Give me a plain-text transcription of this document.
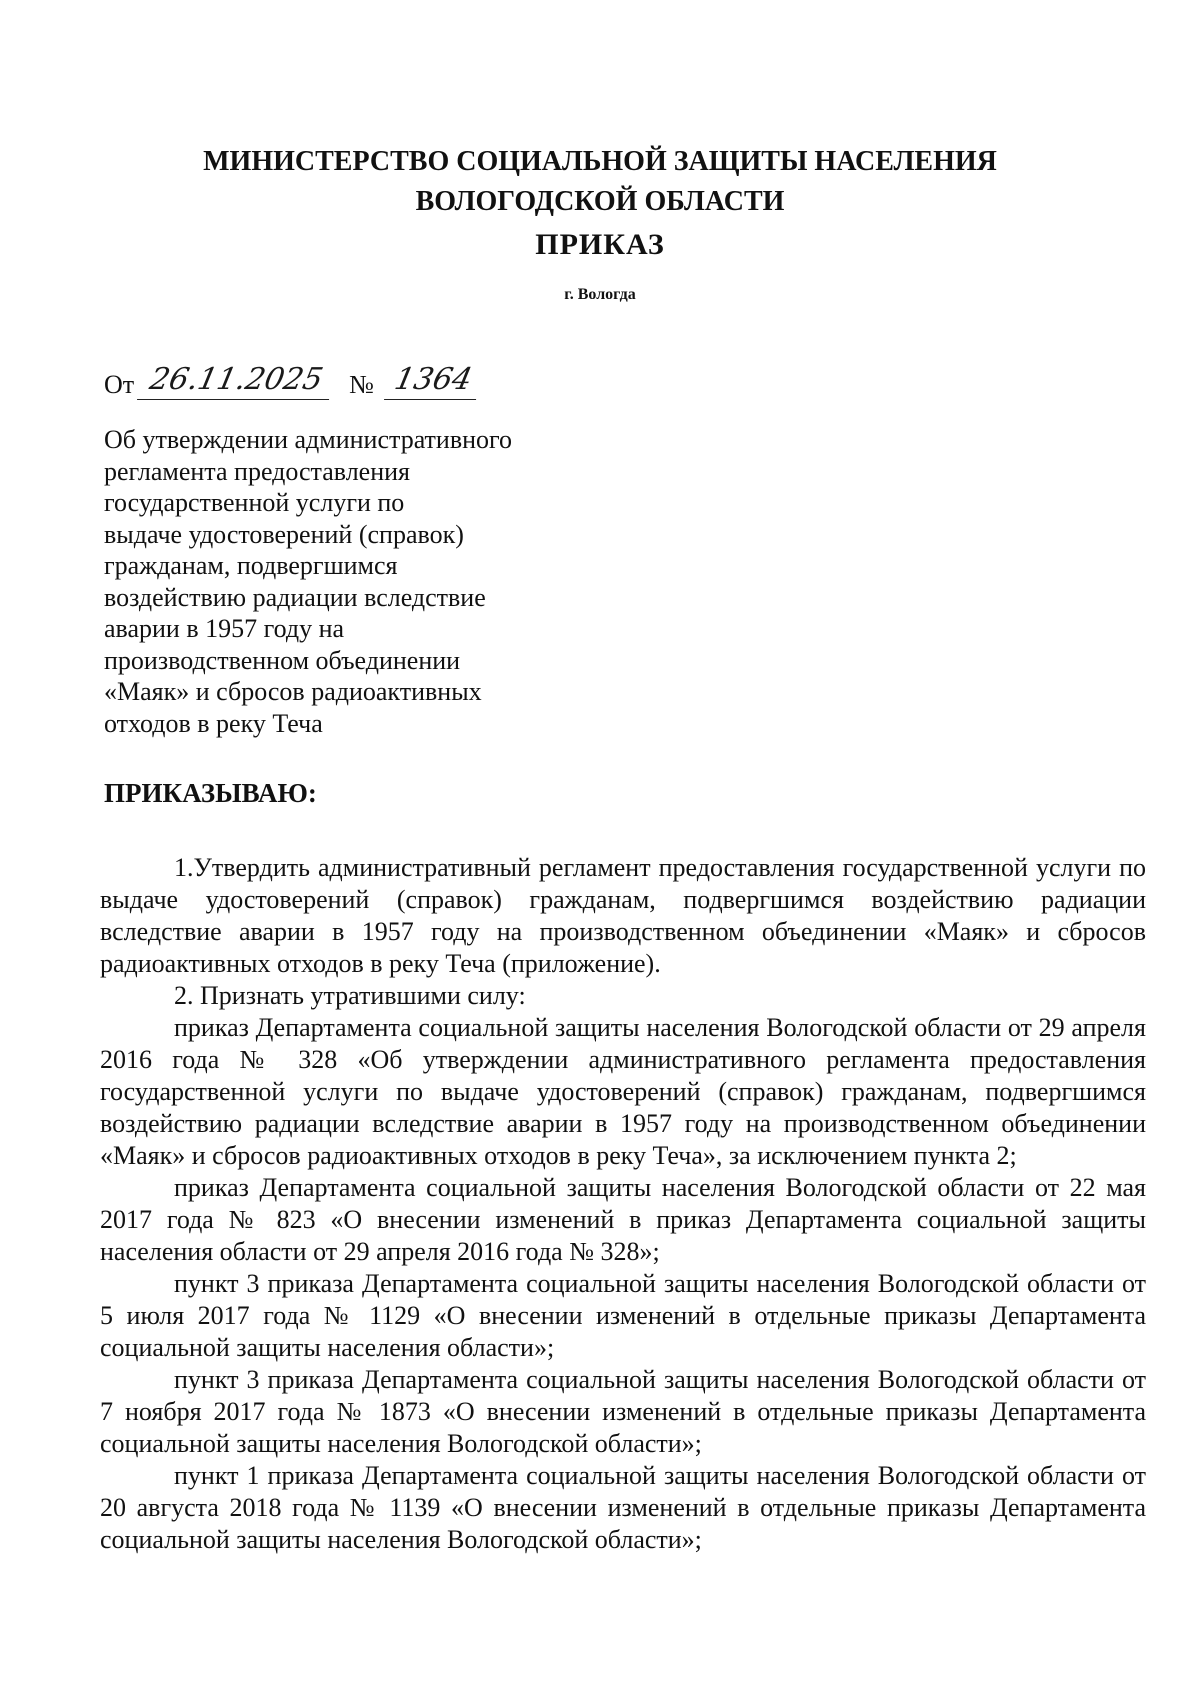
МИНИСТЕРСТВО СОЦИАЛЬНОЙ ЗАЩИТЫ НАСЕЛЕНИЯ
ВОЛОГОДСКОЙ ОБЛАСТИ
ПРИКАЗ
г. Вологда
От 26.11.2025 № 1364
Об утверждении административного
регламента предоставления
государственной услуги по
выдаче удостоверений (справок)
гражданам, подвергшимся
воздействию радиации вследствие
аварии в 1957 году на
производственном объединении
«Маяк» и сбросов радиоактивных
отходов в реку Теча
ПРИКАЗЫВАЮ:

1.Утвердить административный регламент предоставления государственной услуги по выдаче удостоверений (справок) гражданам, подвергшимся воздействию радиации вследствие аварии в 1957 году на производственном объединении «Маяк» и сбросов радиоактивных отходов в реку Теча (приложение).

2. Признать утратившими силу:

приказ Департамента социальной защиты населения Вологодской области от 29 апреля 2016 года № 328 «Об утверждении административного регламента предоставления государственной услуги по выдаче удостоверений (справок) гражданам, подвергшимся воздействию радиации вследствие аварии в 1957 году на производственном объединении «Маяк» и сбросов радиоактивных отходов в реку Теча», за исключением пункта 2;

приказ Департамента социальной защиты населения Вологодской области от 22 мая 2017 года № 823 «О внесении изменений в приказ Департамента социальной защиты населения области от 29 апреля 2016 года № 328»;

пункт 3 приказа Департамента социальной защиты населения Вологодской области от 5 июля 2017 года № 1129 «О внесении изменений в отдельные приказы Департамента социальной защиты населения области»;

пункт 3 приказа Департамента социальной защиты населения Вологодской области от 7 ноября 2017 года № 1873 «О внесении изменений в отдельные приказы Департамента социальной защиты населения Вологодской области»;

пункт 1 приказа Департамента социальной защиты населения Вологодской области от 20 августа 2018 года № 1139 «О внесении изменений в отдельные приказы Департамента социальной защиты населения Вологодской области»;
